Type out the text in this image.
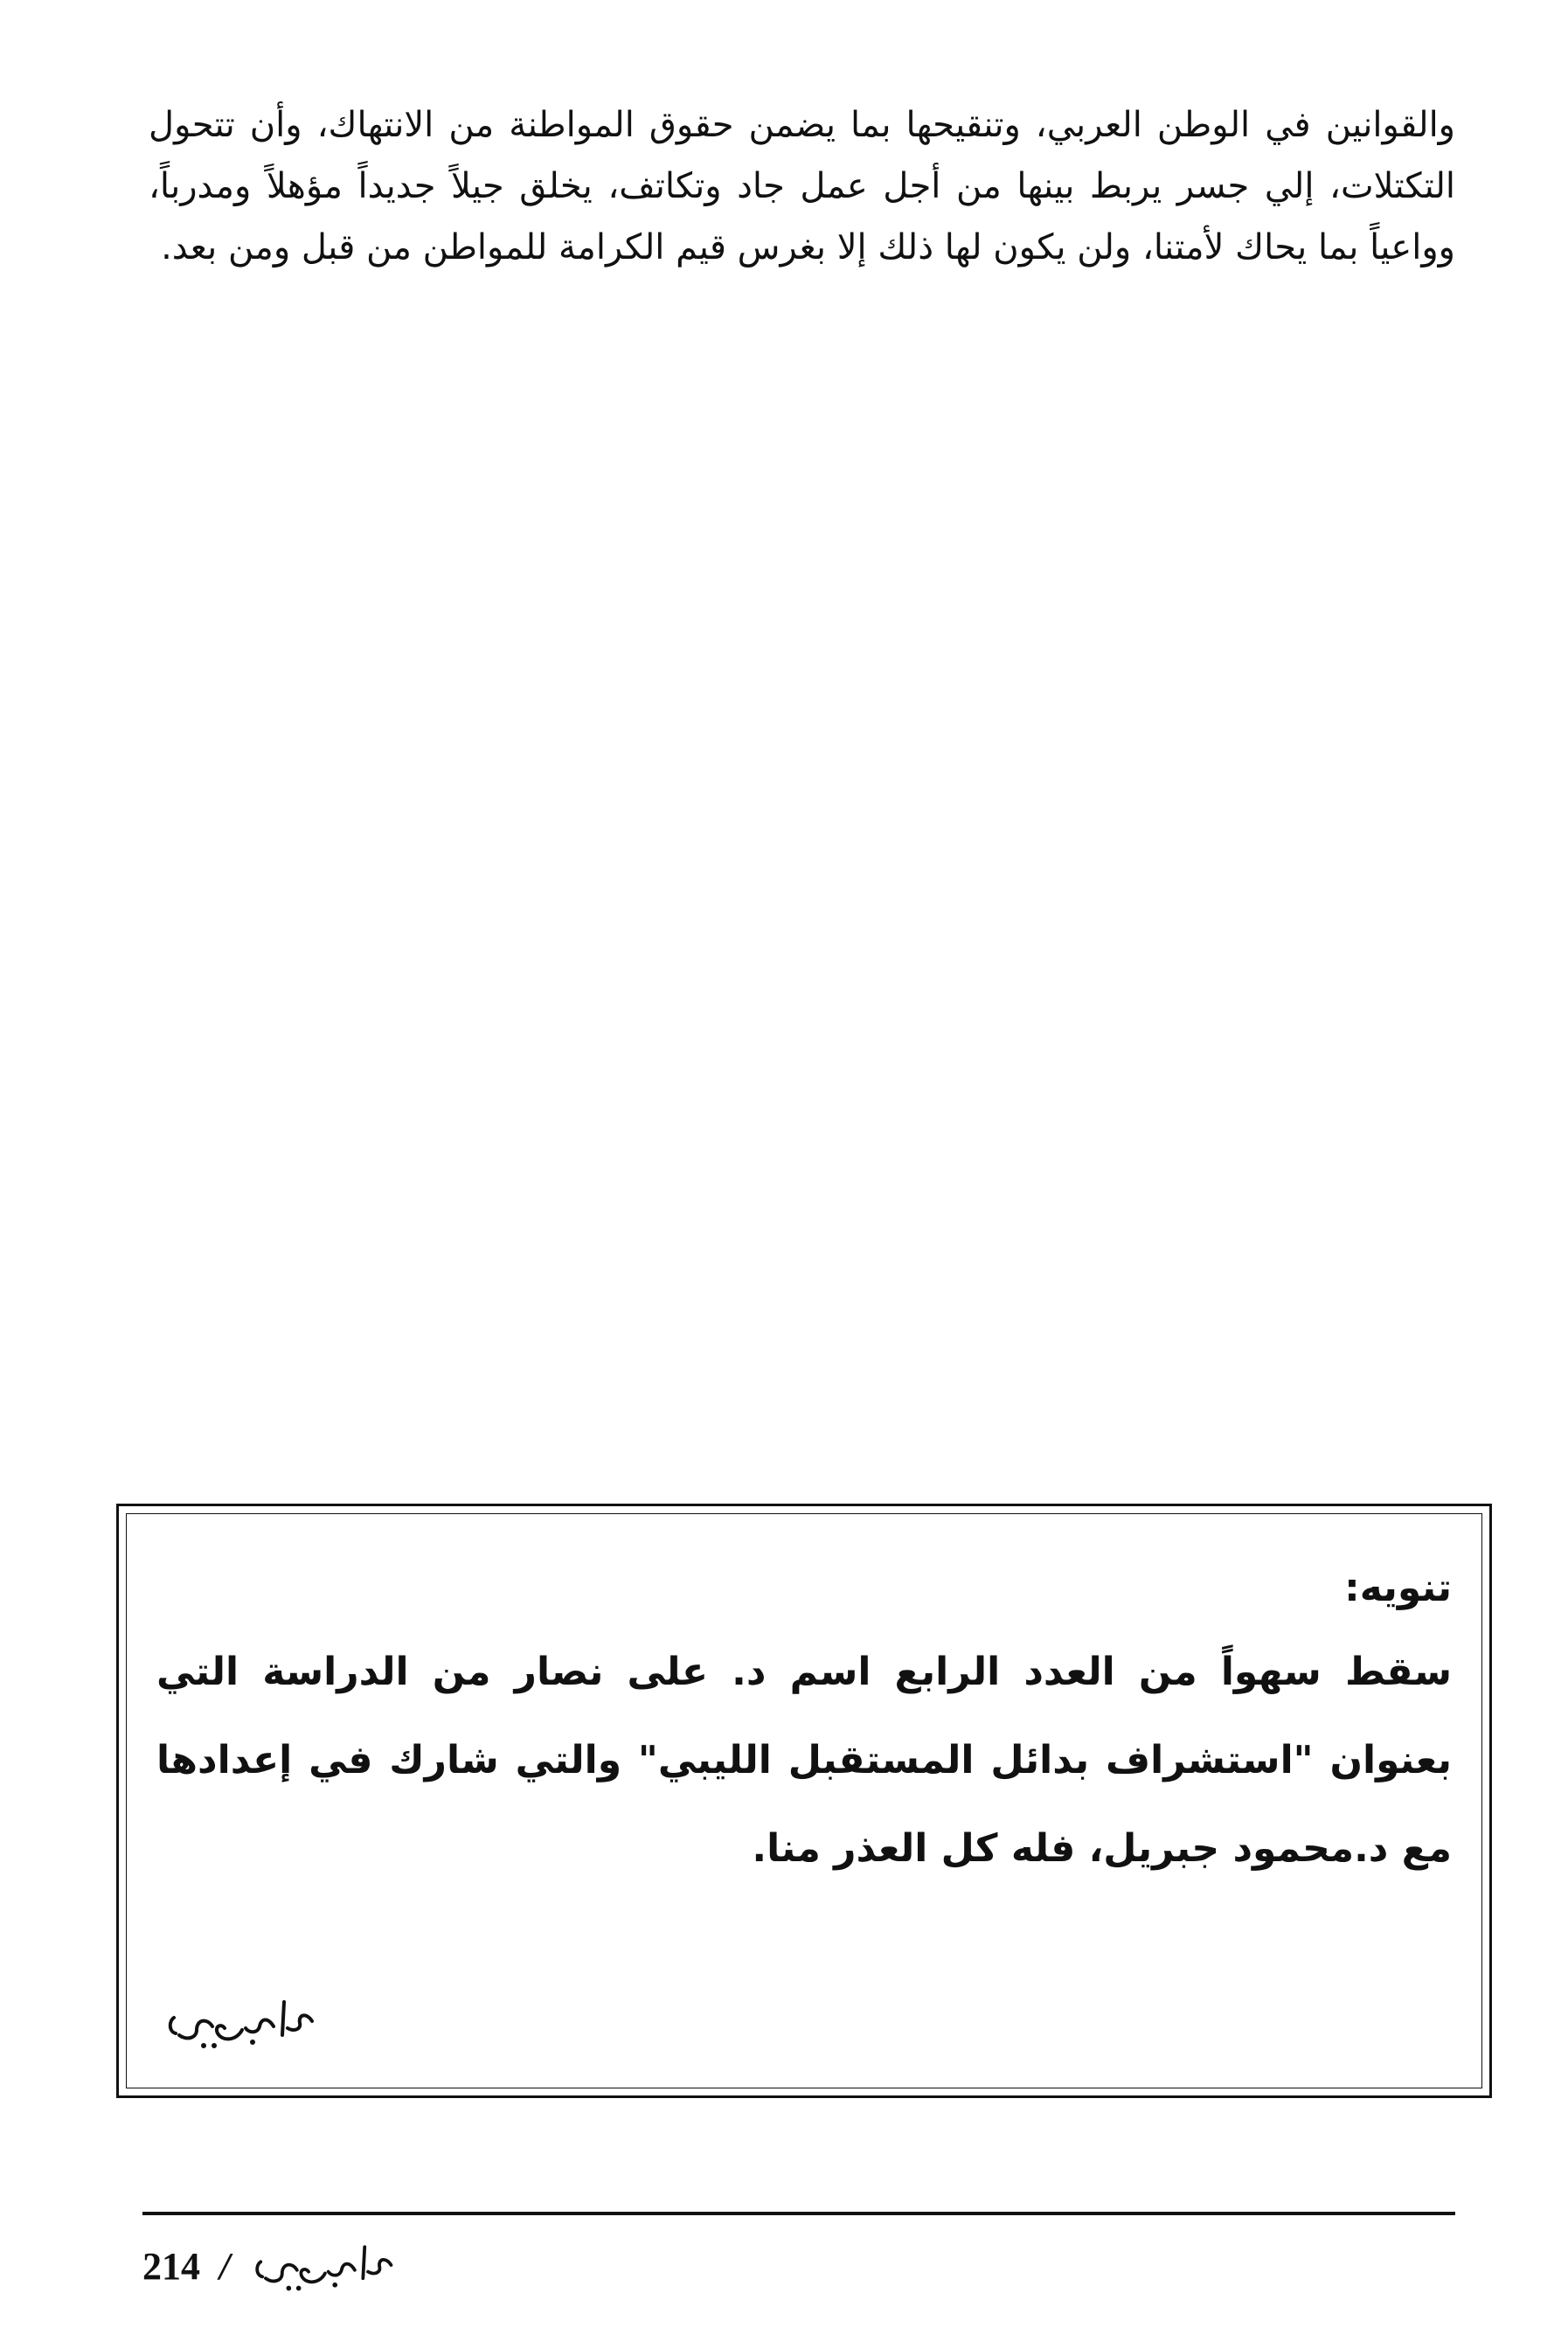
والقوانين في الوطن العربي، وتنقيحها بما يضمن حقوق المواطنة من الانتهاك، وأن تتحول التكتلات، إلي جسر يربط بينها من أجل عمل جاد وتكاتف، يخلق جيلاً جديداً مؤهلاً ومدرباً، وواعياً بما يحاك لأمتنا، ولن يكون لها ذلك إلا بغرس قيم الكرامة للمواطن من قبل ومن بعد.
تنويه:
سقط سهواً من العدد الرابع اسم د. على نصار من الدراسة التي بعنوان "استشراف بدائل المستقبل الليبي" والتي شارك في إعدادها مع د.محمود جبريل، فله كل العذر منا.
214 /
